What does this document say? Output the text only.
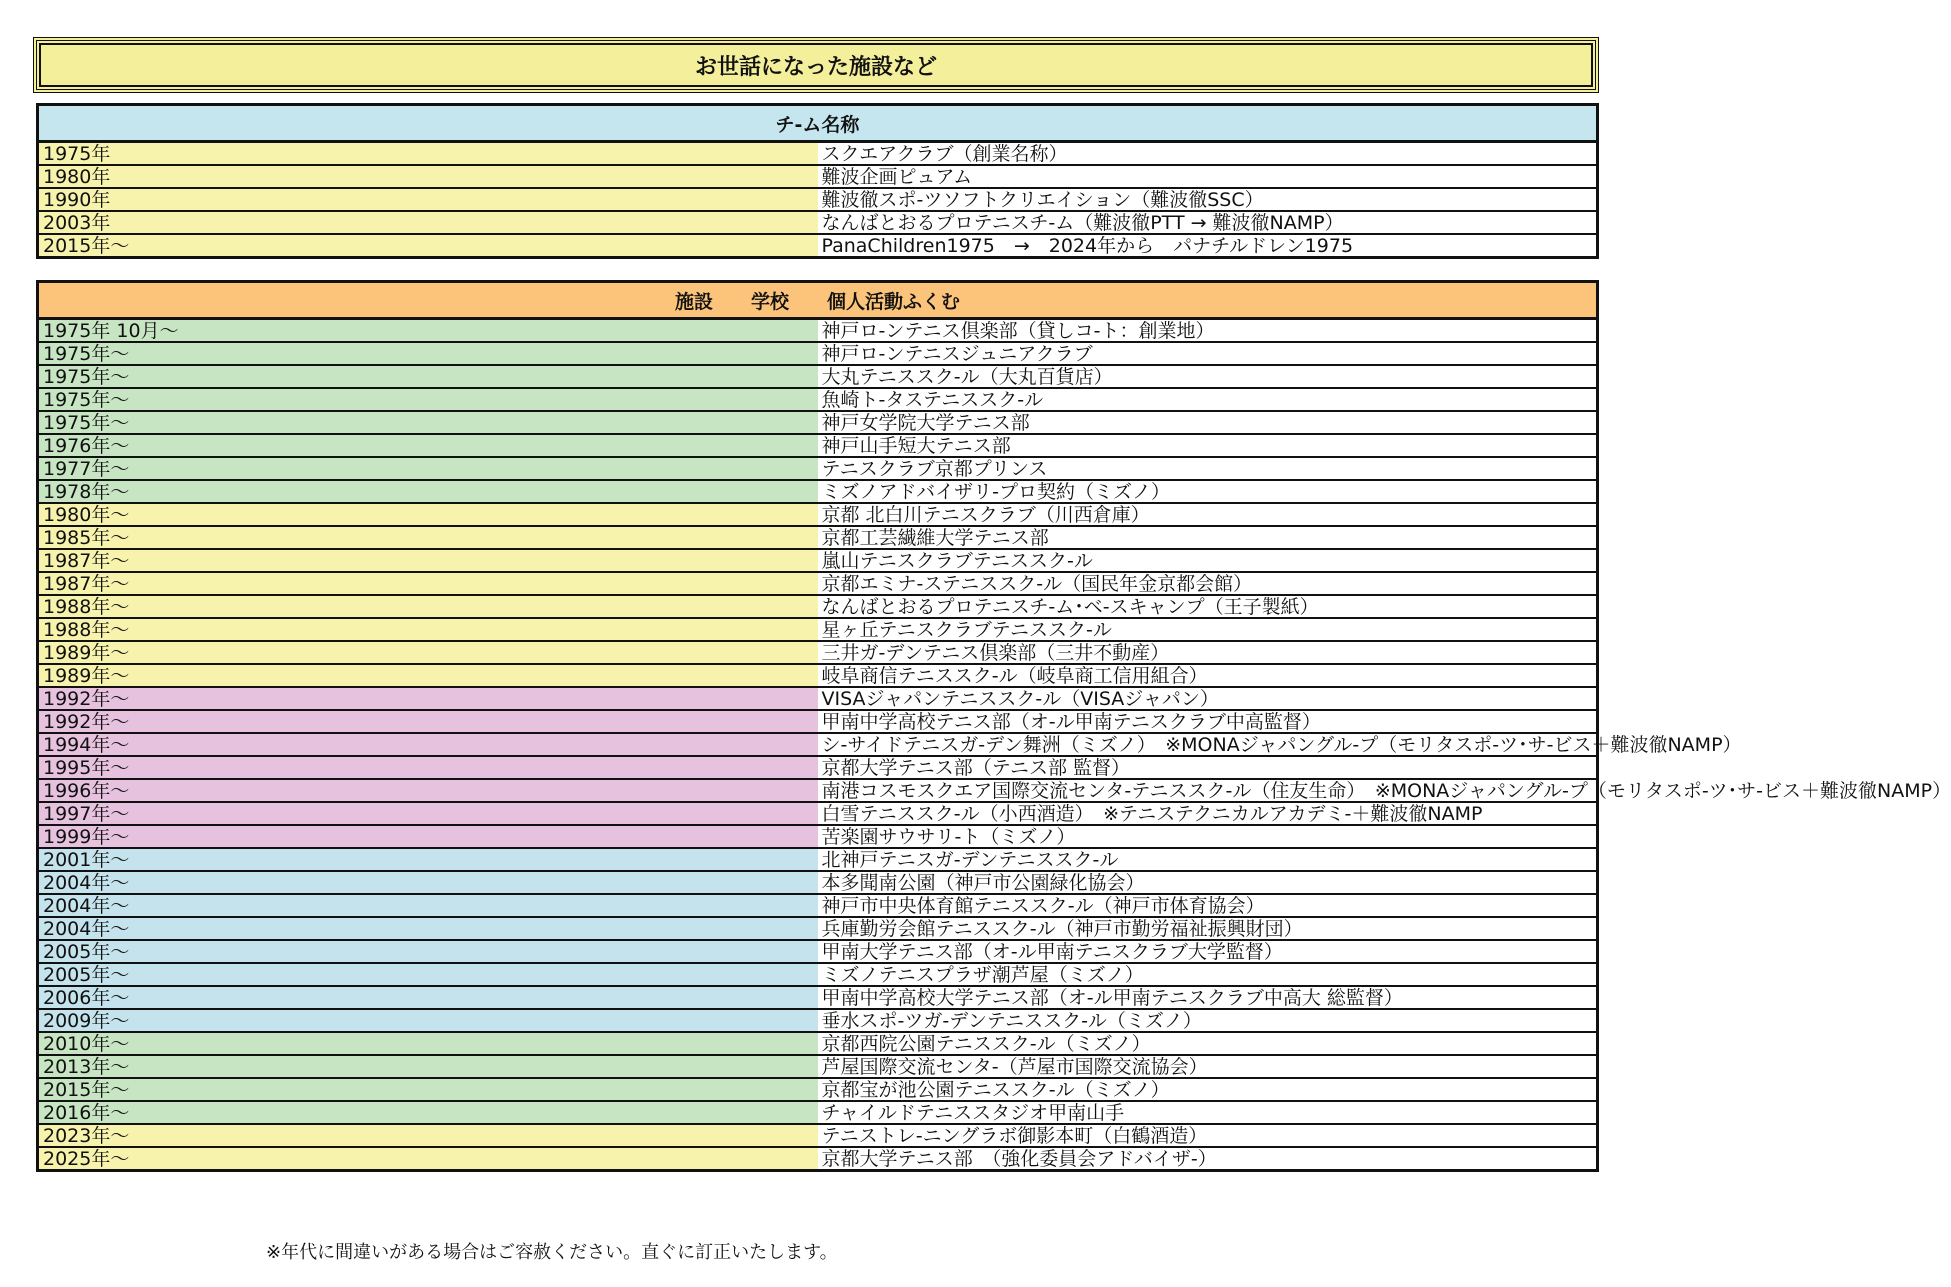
お世話になった施設など
チ-ム名称	
1975年	スクエアクラブ（創業名称）
1980年	難波企画ピュアム
1990年	難波徹スポ-ツソフトクリエイション（難波徹SSC）
2003年	なんばとおるプロテニスチ-ム（難波徹PTT → 難波徹NAMP）
2015年～	PanaChildren1975　→　2024年から　パナチルドレン1975
施設　　学校　　個人活動ふくむ	
1975年 10月～	神戸ロ-ンテニス倶楽部（貸しコ-ト：創業地）
1975年～	神戸ロ-ンテニスジュニアクラブ
1975年～	大丸テニススク-ル（大丸百貨店）
1975年～	魚崎ト-タステニススク-ル
1975年～	神戸女学院大学テニス部
1976年～	神戸山手短大テニス部
1977年～	テニスクラブ京都プリンス
1978年～	ミズノアドバイザリ-プロ契約（ミズノ）
1980年～	京都 北白川テニスクラブ（川西倉庫）
1985年～	京都工芸繊維大学テニス部
1987年～	嵐山テニスクラブテニススク-ル
1987年～	京都エミナ-ステニススク-ル（国民年金京都会館）
1988年～	なんばとおるプロテニスチ-ム･ベ-スキャンプ（王子製紙）
1988年～	星ヶ丘テニスクラブテニススク-ル
1989年～	三井ガ-デンテニス倶楽部（三井不動産）
1989年～	岐阜商信テニススク-ル（岐阜商工信用組合）
1992年～	VISAジャパンテニススク-ル（VISAジャパン）
1992年～	甲南中学高校テニス部（オ-ル甲南テニスクラブ中高監督）
1994年～	シ-サイドテニスガ-デン舞洲（ミズノ）　※MONAジャパングル-プ（モリタスポ-ツ･サ-ビス＋難波徹NAMP）
1995年～	京都大学テニス部（テニス部 監督）
1996年～	南港コスモスクエア国際交流センタ-テニススク-ル（住友生命）　※MONAジャパングル-プ（モリタスポ-ツ･サ-ビス＋難波徹NAMP）
1997年～	白雪テニススク-ル（小西酒造）　※テニステクニカルアカデミ-＋難波徹NAMP
1999年～	苦楽園サウサリ-ト（ミズノ）
2001年～	北神戸テニスガ-デンテニススク-ル
2004年～	本多聞南公園（神戸市公園緑化協会）
2004年～	神戸市中央体育館テニススク-ル（神戸市体育協会）
2004年～	兵庫勤労会館テニススク-ル（神戸市勤労福祉振興財団）
2005年～	甲南大学テニス部（オ-ル甲南テニスクラブ大学監督）
2005年～	ミズノテニスプラザ潮芦屋（ミズノ）
2006年～	甲南中学高校大学テニス部（オ-ル甲南テニスクラブ中高大 総監督）
2009年～	垂水スポ-ツガ-デンテニススク-ル（ミズノ）
2010年～	京都西院公園テニススク-ル（ミズノ）
2013年～	芦屋国際交流センタ-（芦屋市国際交流協会）
2015年～	京都宝が池公園テニススク-ル（ミズノ）
2016年～	チャイルドテニススタジオ甲南山手
2023年～	テニストレ-ニングラボ御影本町（白鶴酒造）
2025年～	京都大学テニス部　（強化委員会アドバイザ-）
※年代に間違いがある場合はご容赦ください。直ぐに訂正いたします。
